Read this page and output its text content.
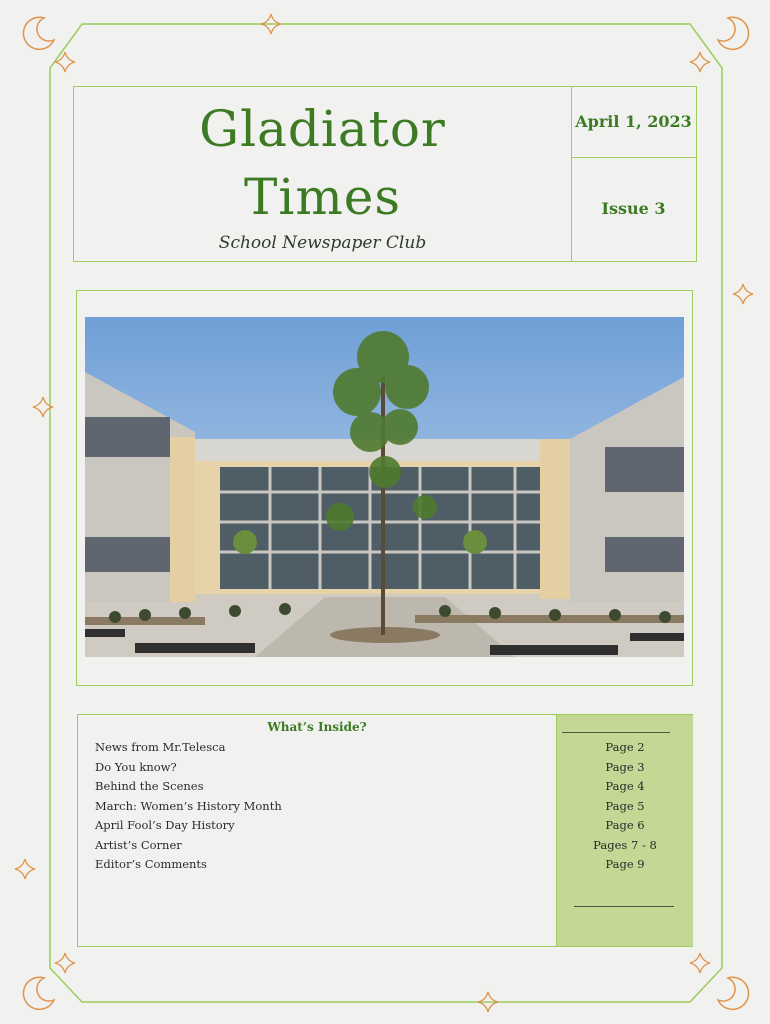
Gladiator
Times
School Newspaper Club
April 1, 2023
Issue 3
What’s Inside?
News from Mr.Telesca
Do You know?
Behind the Scenes
March: Women’s History Month
April Fool’s Day History
Artist’s Corner
Editor’s Comments
Page 2
Page 3
Page 4
Page 5
Page 6
Pages 7 - 8
Page 9
